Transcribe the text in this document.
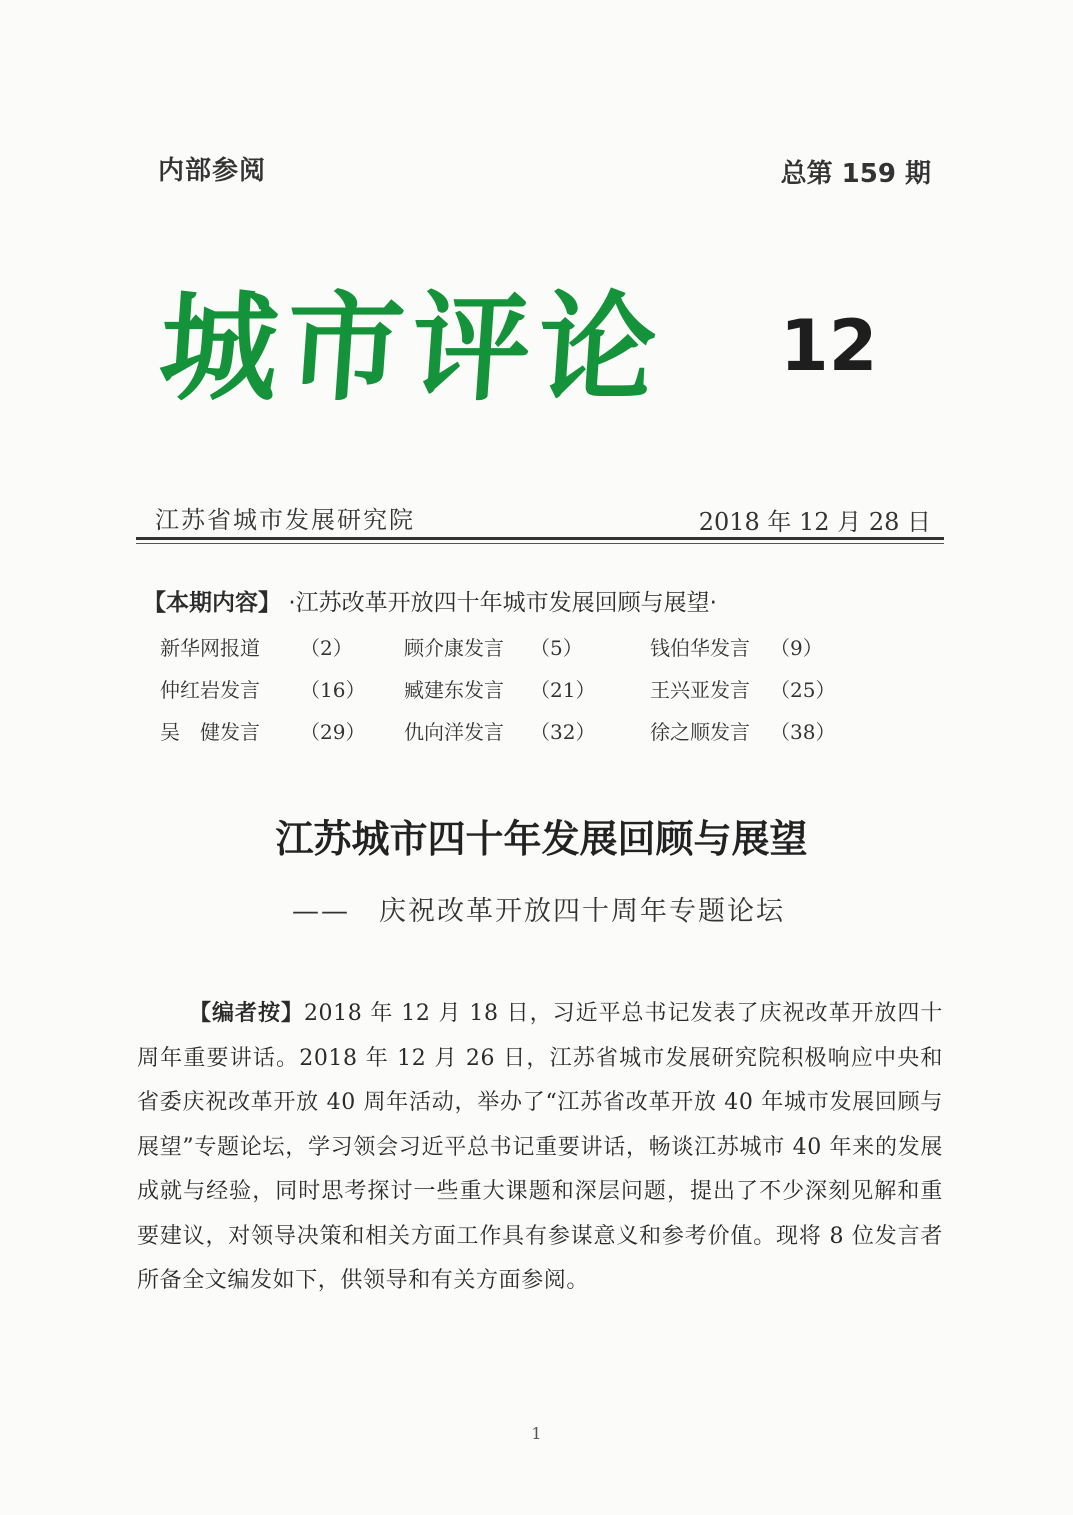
内部参阅	总第 159 期
城市评论	12
江苏省城市发展研究院	2018 年 12 月 28 日
【本期内容】 ·江苏改革开放四十年城市发展回顾与展望·
新华网报道	（2）	顾介康发言	（5）	钱伯华发言	（9）
仲红岩发言	（16） 臧建东发言	（21）	王兴亚发言	（25）
吴　健发言	（29） 仇向洋发言	（32）	徐之顺发言	（38）
江苏城市四十年发展回顾与展望
——　庆祝改革开放四十周年专题论坛
【编者按】2018 年 12 月 18 日，习近平总书记发表了庆祝改革开放四十周年重要讲话。2018 年 12 月 26 日，江苏省城市发展研究院积极响应中央和省委庆祝改革开放 40 周年活动，举办了“江苏省改革开放 40 年城市发展回顾与展望”专题论坛，学习领会习近平总书记重要讲话，畅谈江苏城市 40 年来的发展成就与经验，同时思考探讨一些重大课题和深层问题，提出了不少深刻见解和重要建议，对领导决策和相关方面工作具有参谋意义和参考价值。现将 8 位发言者所备全文编发如下，供领导和有关方面参阅。
1
